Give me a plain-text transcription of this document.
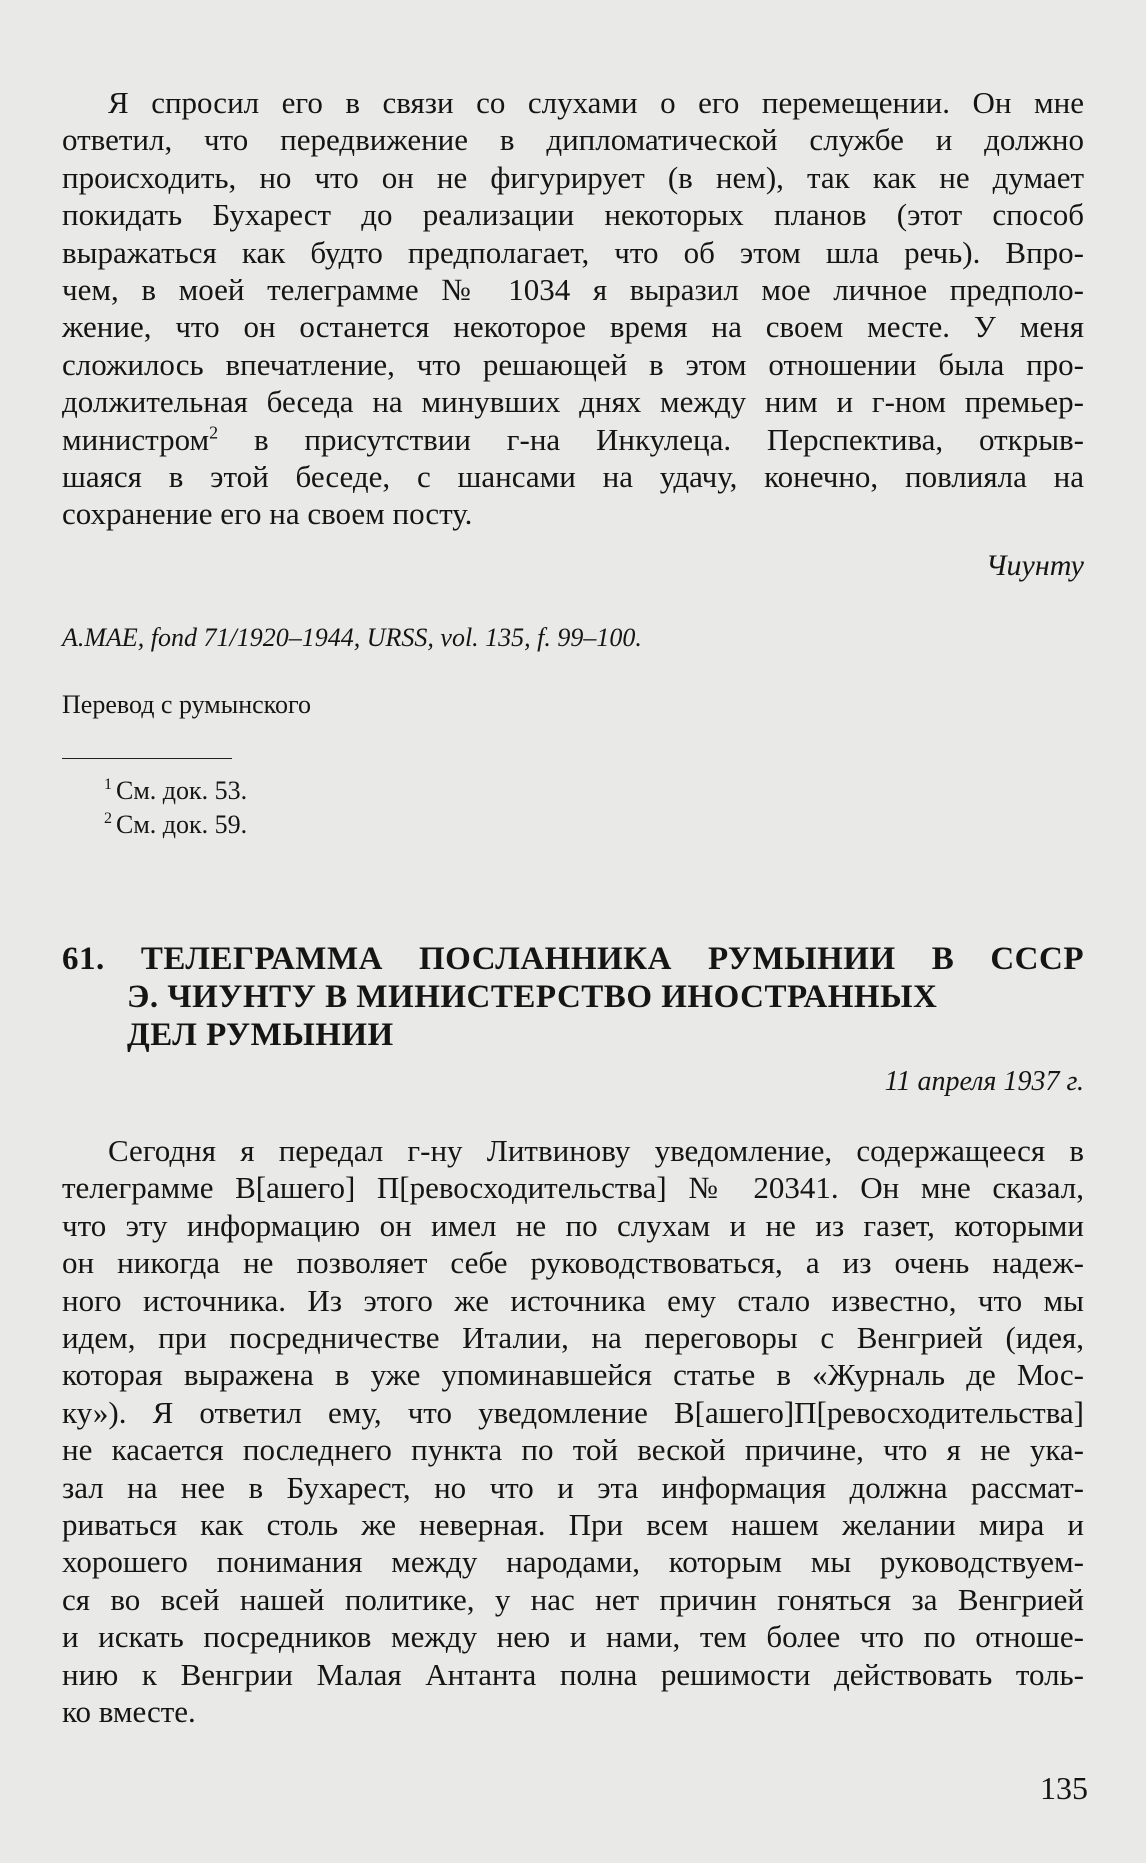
Я спросил его в связи со слухами о его перемещении. Он мне
ответил, что передвижение в дипломатической службе и должно
происходить, но что он не фигурирует (в нем), так как не думает
покидать Бухарест до реализации некоторых планов (этот способ
выражаться как будто предполагает, что об этом шла речь). Впро-
чем, в моей телеграмме № 1034 я выразил мое личное предполо-
жение, что он останется некоторое время на своем месте. У меня
сложилось впечатление, что решающей в этом отношении была про-
должительная беседа на минувших днях между ним и г-ном премьер-
министром$^2$ в присутствии г-на Инкулеца. Перспектива, открыв-
шаяся в этой беседе, с шансами на удачу, конечно, повлияла на
сохранение его на своем посту.
Чиунту
A.MAE, fond 71/1920–1944, URSS, vol. 135, f. 99–100.
Перевод с румынского
$^1$ См. док. 53.
$^2$ См. док. 59.
61. ТЕЛЕГРАММА ПОСЛАННИКА РУМЫНИИ В СССР
Э. ЧИУНТУ В МИНИСТЕРСТВО ИНОСТРАННЫХ
ДЕЛ РУМЫНИИ
11 апреля 1937 г.
Сегодня я передал г-ну Литвинову уведомление, содержащееся в
телеграмме В[ашего] П[ревосходительства] № 20341. Он мне сказал,
что эту информацию он имел не по слухам и не из газет, которыми
он никогда не позволяет себе руководствоваться, а из очень надеж-
ного источника. Из этого же источника ему стало известно, что мы
идем, при посредничестве Италии, на переговоры с Венгрией (идея,
которая выражена в уже упоминавшейся статье в «Журналь де Мос-
ку»). Я ответил ему, что уведомление В[ашего]П[ревосходительства]
не касается последнего пункта по той веской причине, что я не ука-
зал на нее в Бухарест, но что и эта информация должна рассмат-
риваться как столь же неверная. При всем нашем желании мира и
хорошего понимания между народами, которым мы руководствуем-
ся во всей нашей политике, у нас нет причин гоняться за Венгрией
и искать посредников между нею и нами, тем более что по отноше-
нию к Венгрии Малая Антанта полна решимости действовать толь-
ко вместе.
135
